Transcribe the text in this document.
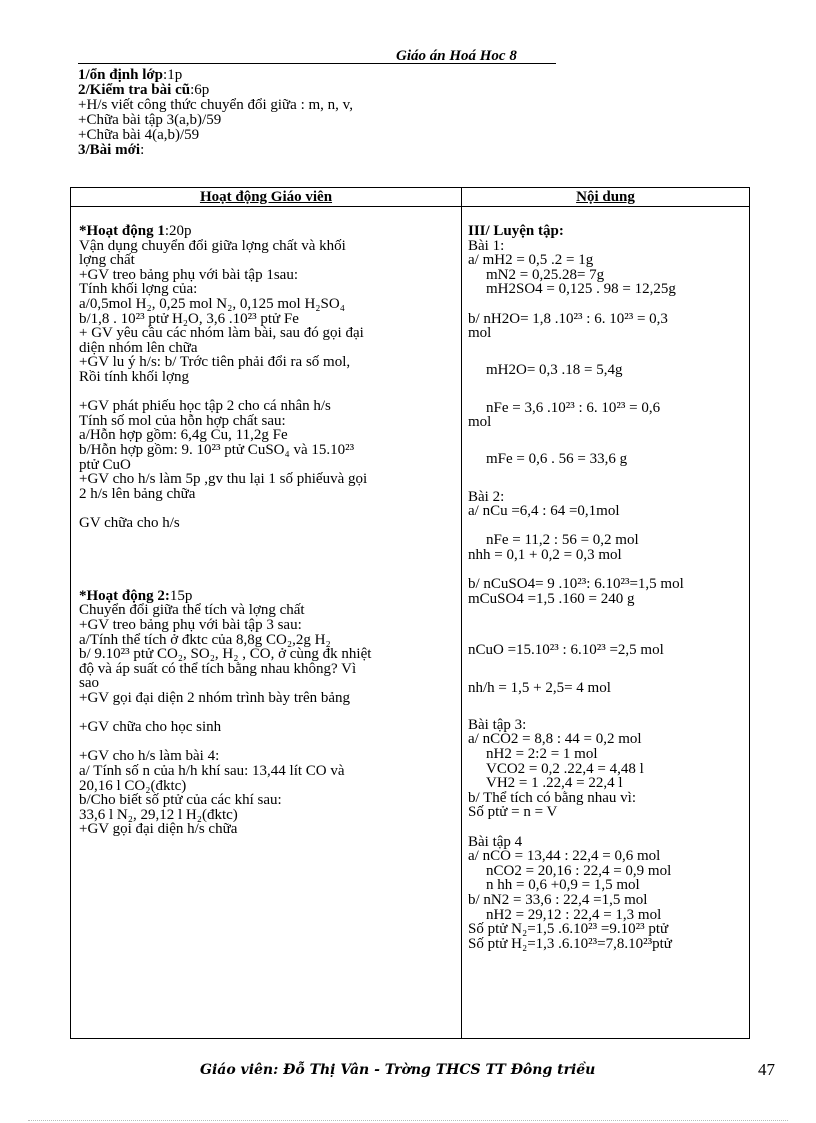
Giáo án Hoá Hoc 8
1/ổn định lớp:1p
2/Kiểm tra bài cũ:6p
+H/s viết công thức chuyển đổi giữa : m, n, v,
+Chữa bài tập 3(a,b)/59
+Chữa bài 4(a,b)/59
3/Bài mới:
Hoạt động Giáo viên	Nội dung
*Hoạt động 1:20p
Vận dụng chuyển đổi giữa lợng chất và khối
lợng chất
+GV treo bảng phụ với bài tập 1sau:
Tính khối lợng của:
a/0,5mol H₂, 0,25 mol N₂, 0,125 mol H₂SO₄
b/1,8 . 10²³ ptử H₂O, 3,6 .10²³ ptử Fe
+ GV yêu cầu các nhóm làm bài, sau đó gọi đại
diện nhóm lên chữa
+GV lu ý h/s: b/ Trớc tiên phải đổi ra số mol,
Rồi tính khối lợng
+GV phát phiếu học tập 2 cho cá nhân h/s
Tính số mol của hỗn hợp chất sau:
a/Hỗn hợp gồm: 6,4g Cu, 11,2g Fe
b/Hỗn hợp gồm: 9. 10²³ ptử CuSO₄ và 15.10²³
ptử CuO
+GV cho h/s làm 5p ,gv thu lại 1 số phiếuvà gọi
2 h/s lên bảng chữa
GV chữa cho h/s
*Hoạt động 2:15p
Chuyển đổi giữa thể tích và lợng chất
+GV treo bảng phụ với bài tập 3 sau:
a/Tính thể tích ở đktc của 8,8g CO₂,2g H₂
b/ 9.10²³ ptử CO₂, SO₂, H₂ , CO, ở cùng đk nhiệt
độ và áp suất có thể tích bằng nhau không? Vì
sao
+GV gọi đại diện 2 nhóm trình bày trên bảng
+GV chữa cho học sinh
+GV cho h/s làm bài 4:
a/ Tính số n của h/h khí sau: 13,44 lít CO và
20,16 l CO₂(đktc)
b/Cho biết số ptử của các khí sau:
33,6 l N₂, 29,12 l H₂(đktc)
+GV gọi đại diện h/s chữa
III/ Luyện tập:
Bài 1:
a/ mH2 = 0,5 .2 = 1g
mN2 = 0,25.28= 7g
mH2SO4 = 0,125 . 98 = 12,25g
b/ nH2O= 1,8 .10²³ : 6. 10²³ = 0,3
mol
mH2O= 0,3 .18 = 5,4g
nFe = 3,6 .10²³ : 6. 10²³ = 0,6
mol
mFe = 0,6 . 56 = 33,6 g
Bài 2:
a/ nCu =6,4 : 64 =0,1mol
nFe = 11,2 : 56 = 0,2 mol
nhh = 0,1 + 0,2 = 0,3 mol
b/ nCuSO4= 9 .10²³: 6.10²³=1,5 mol
mCuSO4 =1,5 .160 = 240 g
nCuO =15.10²³ : 6.10²³ =2,5 mol
nh/h = 1,5 + 2,5= 4 mol
Bài tập 3:
a/ nCO2 = 8,8 : 44 = 0,2 mol
nH2 = 2:2 = 1 mol
VCO2 = 0,2 .22,4 = 4,48 l
VH2 = 1 .22,4 = 22,4 l
b/ Thể tích có bằng nhau vì:
Số ptử = n = V
Bài tập 4
a/ nCO = 13,44 : 22,4 = 0,6 mol
nCO2 = 20,16 : 22,4 = 0,9 mol
n hh = 0,6 +0,9 = 1,5 mol
b/ nN2 = 33,6 : 22,4 =1,5 mol
nH2 = 29,12 : 22,4 = 1,3 mol
Số ptử N₂=1,5 .6.10²³ =9.10²³ ptử
Số ptử H₂=1,3 .6.10²³=7,8.10²³ptử
Giáo viên: Đỗ Thị Vân - Trờng THCS TT Đông triều	47
